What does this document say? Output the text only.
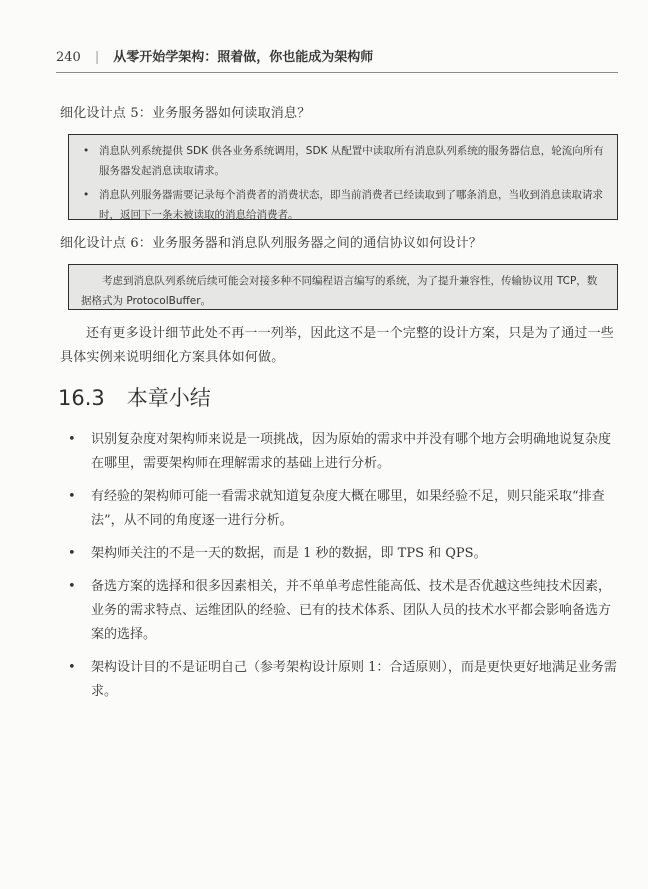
240 | 从零开始学架构：照着做，你也能成为架构师
细化设计点 5：业务服务器如何读取消息？
• 消息队列系统提供 SDK 供各业务系统调用，SDK 从配置中读取所有消息队列系统的服务器信息，轮流向所有服务器发起消息读取请求。
• 消息队列服务器需要记录每个消费者的消费状态，即当前消费者已经读取到了哪条消息，当收到消息读取请求时，返回下一条未被读取的消息给消费者。
细化设计点 6：业务服务器和消息队列服务器之间的通信协议如何设计？
考虑到消息队列系统后续可能会对接多种不同编程语言编写的系统，为了提升兼容性，传输协议用 TCP，数据格式为 ProtocolBuffer。
还有更多设计细节此处不再一一列举，因此这不是一个完整的设计方案，只是为了通过一些具体实例来说明细化方案具体如何做。
16.3 本章小结
• 识别复杂度对架构师来说是一项挑战，因为原始的需求中并没有哪个地方会明确地说复杂度在哪里，需要架构师在理解需求的基础上进行分析。
• 有经验的架构师可能一看需求就知道复杂度大概在哪里，如果经验不足，则只能采取“排查法”，从不同的角度逐一进行分析。
• 架构师关注的不是一天的数据，而是 1 秒的数据，即 TPS 和 QPS。
• 备选方案的选择和很多因素相关，并不单单考虑性能高低、技术是否优越这些纯技术因素，业务的需求特点、运维团队的经验、已有的技术体系、团队人员的技术水平都会影响备选方案的选择。
• 架构设计目的不是证明自己（参考架构设计原则 1：合适原则），而是更快更好地满足业务需求。
